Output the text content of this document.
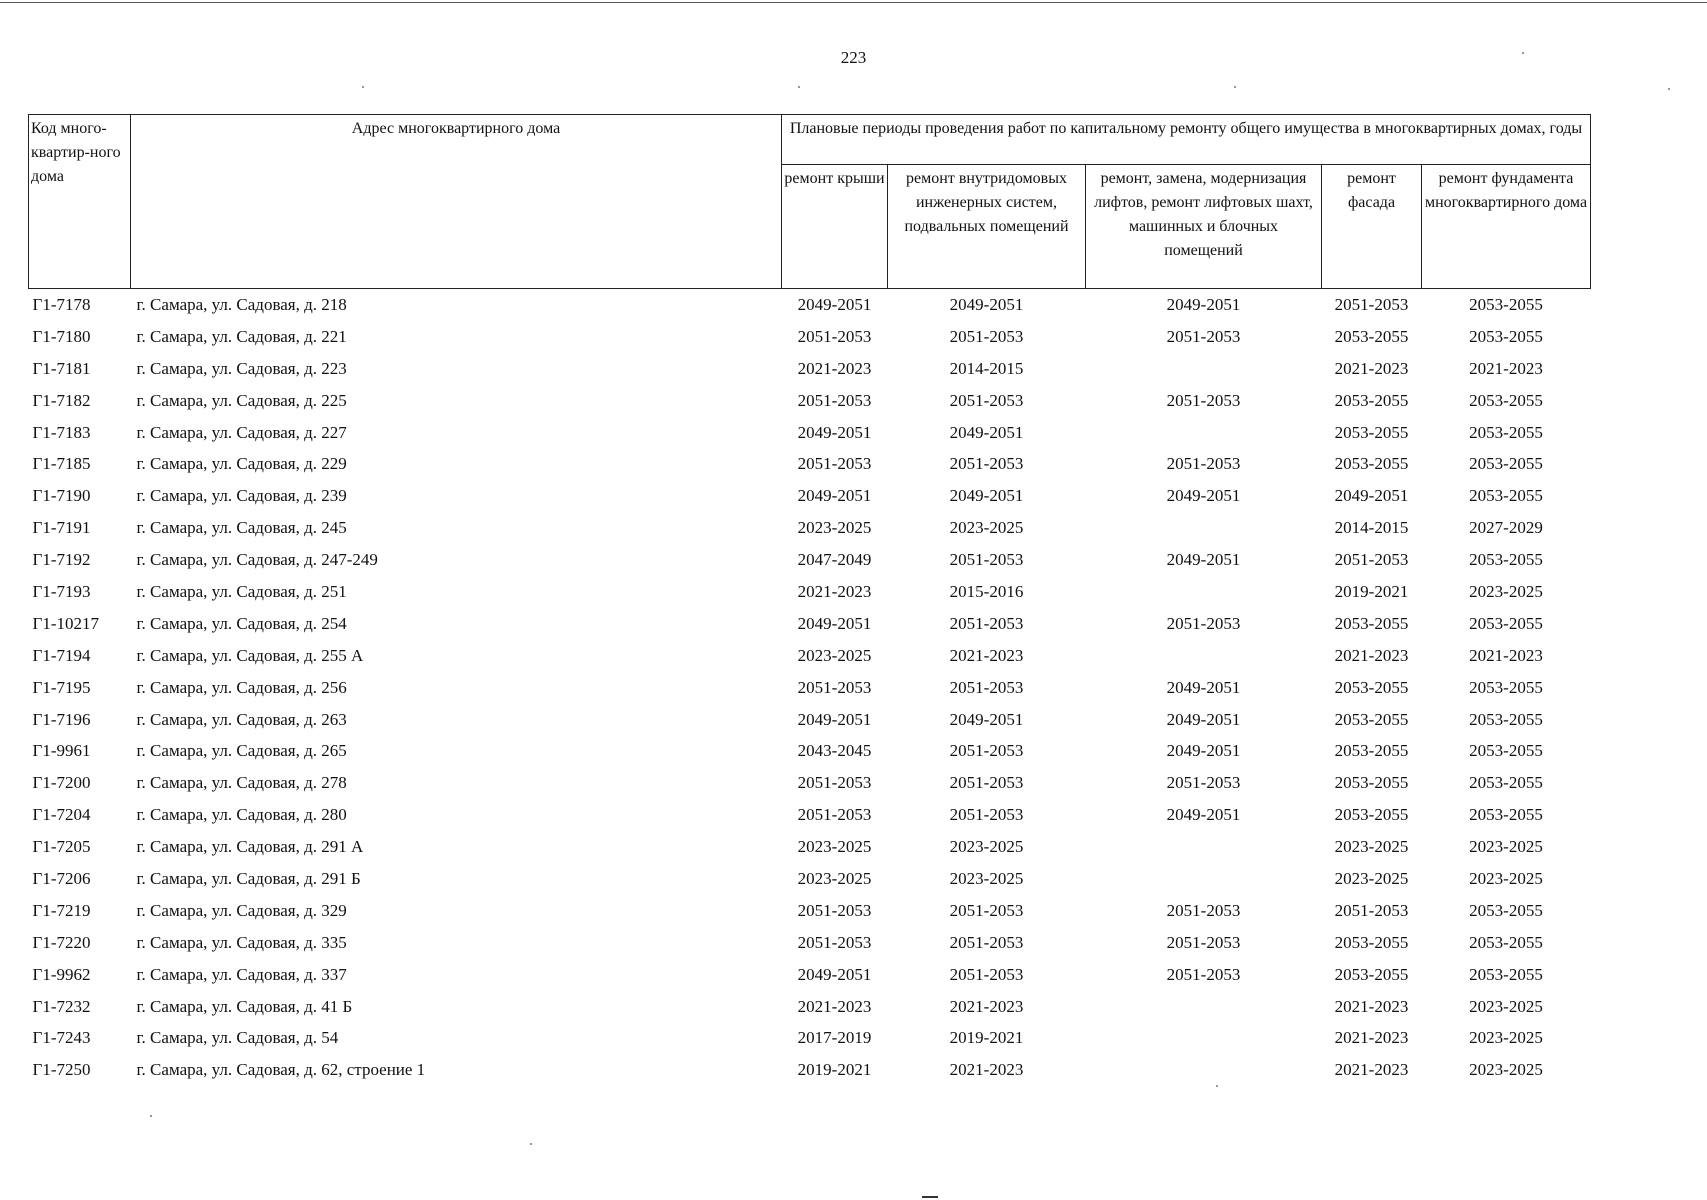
223
Код много-квартир-ного дома	Адрес многоквартирного дома	Плановые периоды проведения работ по капитальному ремонту общего имущества в многоквартирных домах, годы				
		ремонт крыши	ремонт внутридомовых инженерных систем, подвальных помещений	ремонт, замена, модернизация лифтов, ремонт лифтовых шахт, машинных и блочных помещений	ремонт фасада	ремонт фундамента многоквартирного дома
Г1-7178	г. Самара, ул. Садовая, д. 218	2049-2051	2049-2051	2049-2051	2051-2053	2053-2055
Г1-7180	г. Самара, ул. Садовая, д. 221	2051-2053	2051-2053	2051-2053	2053-2055	2053-2055
Г1-7181	г. Самара, ул. Садовая, д. 223	2021-2023	2014-2015		2021-2023	2021-2023
Г1-7182	г. Самара, ул. Садовая, д. 225	2051-2053	2051-2053	2051-2053	2053-2055	2053-2055
Г1-7183	г. Самара, ул. Садовая, д. 227	2049-2051	2049-2051		2053-2055	2053-2055
Г1-7185	г. Самара, ул. Садовая, д. 229	2051-2053	2051-2053	2051-2053	2053-2055	2053-2055
Г1-7190	г. Самара, ул. Садовая, д. 239	2049-2051	2049-2051	2049-2051	2049-2051	2053-2055
Г1-7191	г. Самара, ул. Садовая, д. 245	2023-2025	2023-2025		2014-2015	2027-2029
Г1-7192	г. Самара, ул. Садовая, д. 247-249	2047-2049	2051-2053	2049-2051	2051-2053	2053-2055
Г1-7193	г. Самара, ул. Садовая, д. 251	2021-2023	2015-2016		2019-2021	2023-2025
Г1-10217	г. Самара, ул. Садовая, д. 254	2049-2051	2051-2053	2051-2053	2053-2055	2053-2055
Г1-7194	г. Самара, ул. Садовая, д. 255 А	2023-2025	2021-2023		2021-2023	2021-2023
Г1-7195	г. Самара, ул. Садовая, д. 256	2051-2053	2051-2053	2049-2051	2053-2055	2053-2055
Г1-7196	г. Самара, ул. Садовая, д. 263	2049-2051	2049-2051	2049-2051	2053-2055	2053-2055
Г1-9961	г. Самара, ул. Садовая, д. 265	2043-2045	2051-2053	2049-2051	2053-2055	2053-2055
Г1-7200	г. Самара, ул. Садовая, д. 278	2051-2053	2051-2053	2051-2053	2053-2055	2053-2055
Г1-7204	г. Самара, ул. Садовая, д. 280	2051-2053	2051-2053	2049-2051	2053-2055	2053-2055
Г1-7205	г. Самара, ул. Садовая, д. 291 А	2023-2025	2023-2025		2023-2025	2023-2025
Г1-7206	г. Самара, ул. Садовая, д. 291 Б	2023-2025	2023-2025		2023-2025	2023-2025
Г1-7219	г. Самара, ул. Садовая, д. 329	2051-2053	2051-2053	2051-2053	2051-2053	2053-2055
Г1-7220	г. Самара, ул. Садовая, д. 335	2051-2053	2051-2053	2051-2053	2053-2055	2053-2055
Г1-9962	г. Самара, ул. Садовая, д. 337	2049-2051	2051-2053	2051-2053	2053-2055	2053-2055
Г1-7232	г. Самара, ул. Садовая, д. 41 Б	2021-2023	2021-2023		2021-2023	2023-2025
Г1-7243	г. Самара, ул. Садовая, д. 54	2017-2019	2019-2021		2021-2023	2023-2025
Г1-7250	г. Самара, ул. Садовая, д. 62, строение 1	2019-2021	2021-2023		2021-2023	2023-2025
